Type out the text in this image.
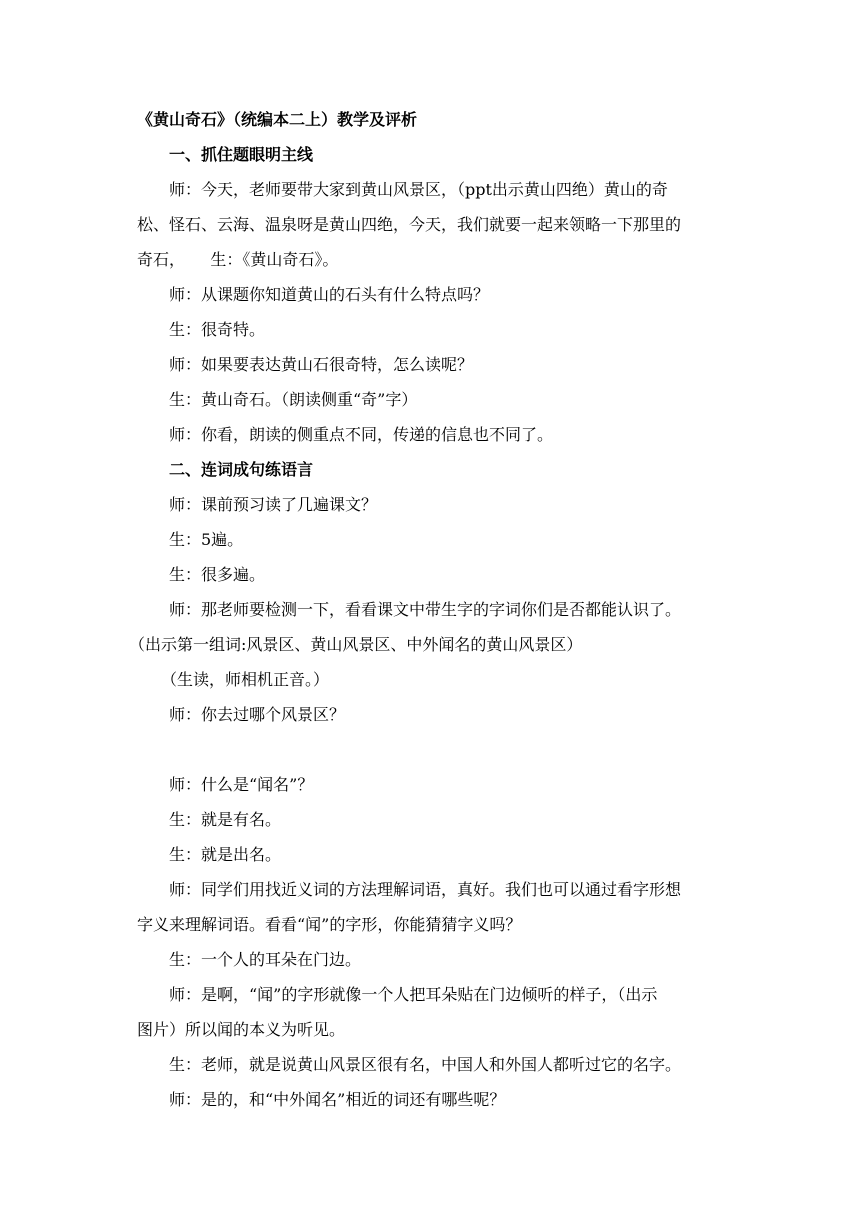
《黄山奇石》（统编本二上）教学及评析

一、抓住题眼明主线

师：今天，老师要带大家到黄山风景区，（ppt出示黄山四绝）黄山的奇

松、怪石、云海、温泉呀是黄山四绝，今天，我们就要一起来领略一下那里的

奇石，     生：《黄山奇石》。

师：从课题你知道黄山的石头有什么特点吗？

生：很奇特。

师：如果要表达黄山石很奇特，怎么读呢？

生：黄山奇石。（朗读侧重“奇”字）

师：你看，朗读的侧重点不同，传递的信息也不同了。

二、连词成句练语言

师：课前预习读了几遍课文？

生：5遍。

生：很多遍。

师：那老师要检测一下，看看课文中带生字的字词你们是否都能认识了。

（出示第一组词:风景区、黄山风景区、中外闻名的黄山风景区）

（生读，师相机正音。）

师：你去过哪个风景区？

师：什么是“闻名”？

生：就是有名。

生：就是出名。

师：同学们用找近义词的方法理解词语，真好。我们也可以通过看字形想

字义来理解词语。看看“闻”的字形，你能猜猜字义吗？

生：一个人的耳朵在门边。

师：是啊，“闻”的字形就像一个人把耳朵贴在门边倾听的样子，（出示

图片）所以闻的本义为听见。

生：老师，就是说黄山风景区很有名，中国人和外国人都听过它的名字。

师：是的，和“中外闻名”相近的词还有哪些呢？
